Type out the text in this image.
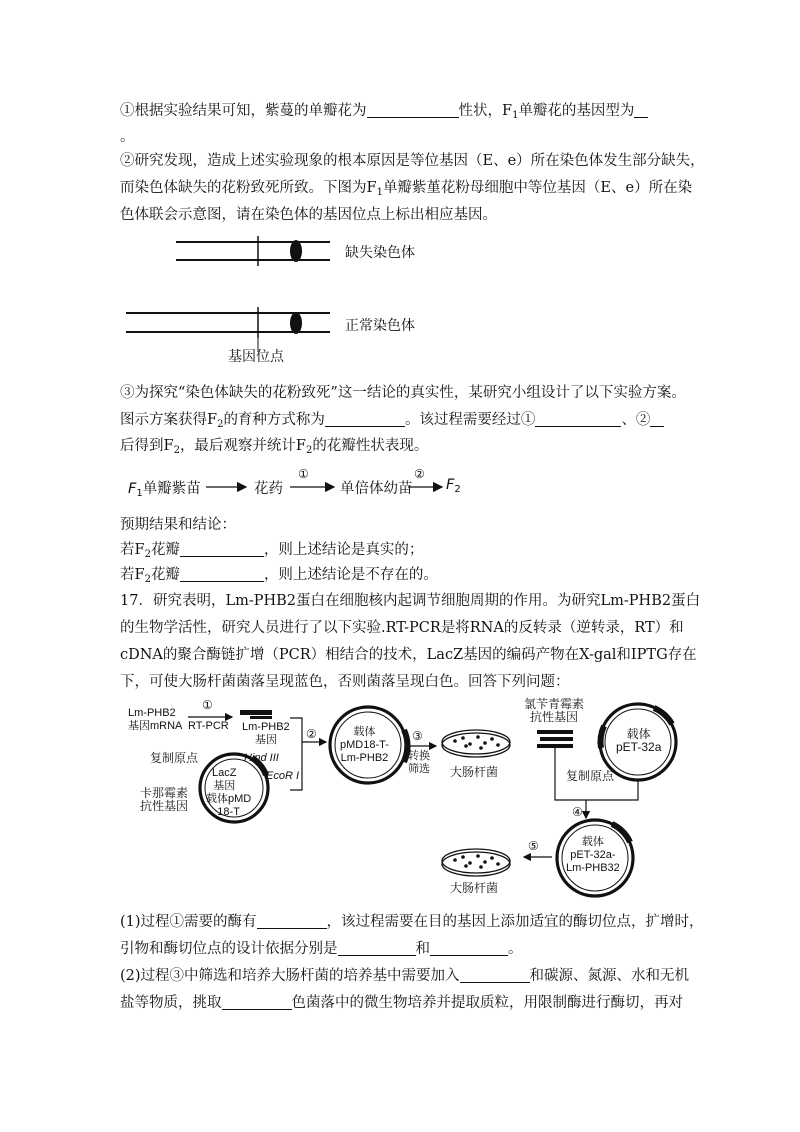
①根据实验结果可知，紫蔓的单瓣花为	性状，$F_1$单瓣花的基因型为
。
②研究发现，造成上述实验现象的根本原因是等位基因（E、e）所在染色体发生部分缺失，
而染色体缺失的花粉致死所致。下图为$F_1$单瓣紫堇花粉母细胞中等位基因（E、e）所在染
色体联会示意图，请在染色体的基因位点上标出相应基因。
缺失染色体
正常染色体
基因位点
③为探究“染色体缺失的花粉致死”这一结论的真实性，某研究小组设计了以下实验方案。
图示方案获得$F_2$的育种方式称为	。该过程需要经过①	、②
后得到$F_2$，最后观察并统计$F_2$的花瓣性状表现。
$F_1$单瓣紫苗	花药	单倍体幼苗 $F_2$
①	②
预期结果和结论：
若$F_2$花瓣	，则上述结论是真实的；
若$F_2$花瓣	，则上述结论是不存在的。
17．研究表明，Lm-PHB2蛋白在细胞核内起调节细胞周期的作用。为研究Lm-PHB2蛋白
的生物学活性，研究人员进行了以下实验.RT-PCR是将RNA的反转录（逆转录，RT）和
cDNA的聚合酶链扩增（PCR）相结合的技术，LacZ基因的编码产物在X-gal和IPTG存在
下，可使大肠杆菌菌落呈现蓝色，否则菌落呈现白色。回答下列问题：
Lm-PHB2
基因mRNA
①
RT-PCR Lm-PHB2
基因
复制原点	Hind III
EcoR I
卡那霉素
抗性基因
LacZ
基因
载体pMD
18-T
②	载体
pMD18-T-
Lm-PHB2
③
转换
筛选 大肠杆菌
氯苄青霉素
抗性基因
载体
pET-32a
复制原点
④
载体
pET-32a-
Lm-PHB32
⑤
大肠杆菌
(1)过程①需要的酶有	，该过程需要在目的基因上添加适宜的酶切位点，扩增时，
引物和酶切位点的设计依据分别是	和	。
(2)过程③中筛选和培养大肠杆菌的培养基中需要加入	和碳源、氮源、水和无机
盐等物质，挑取	色菌落中的微生物培养并提取质粒，用限制酶进行酶切，再对
